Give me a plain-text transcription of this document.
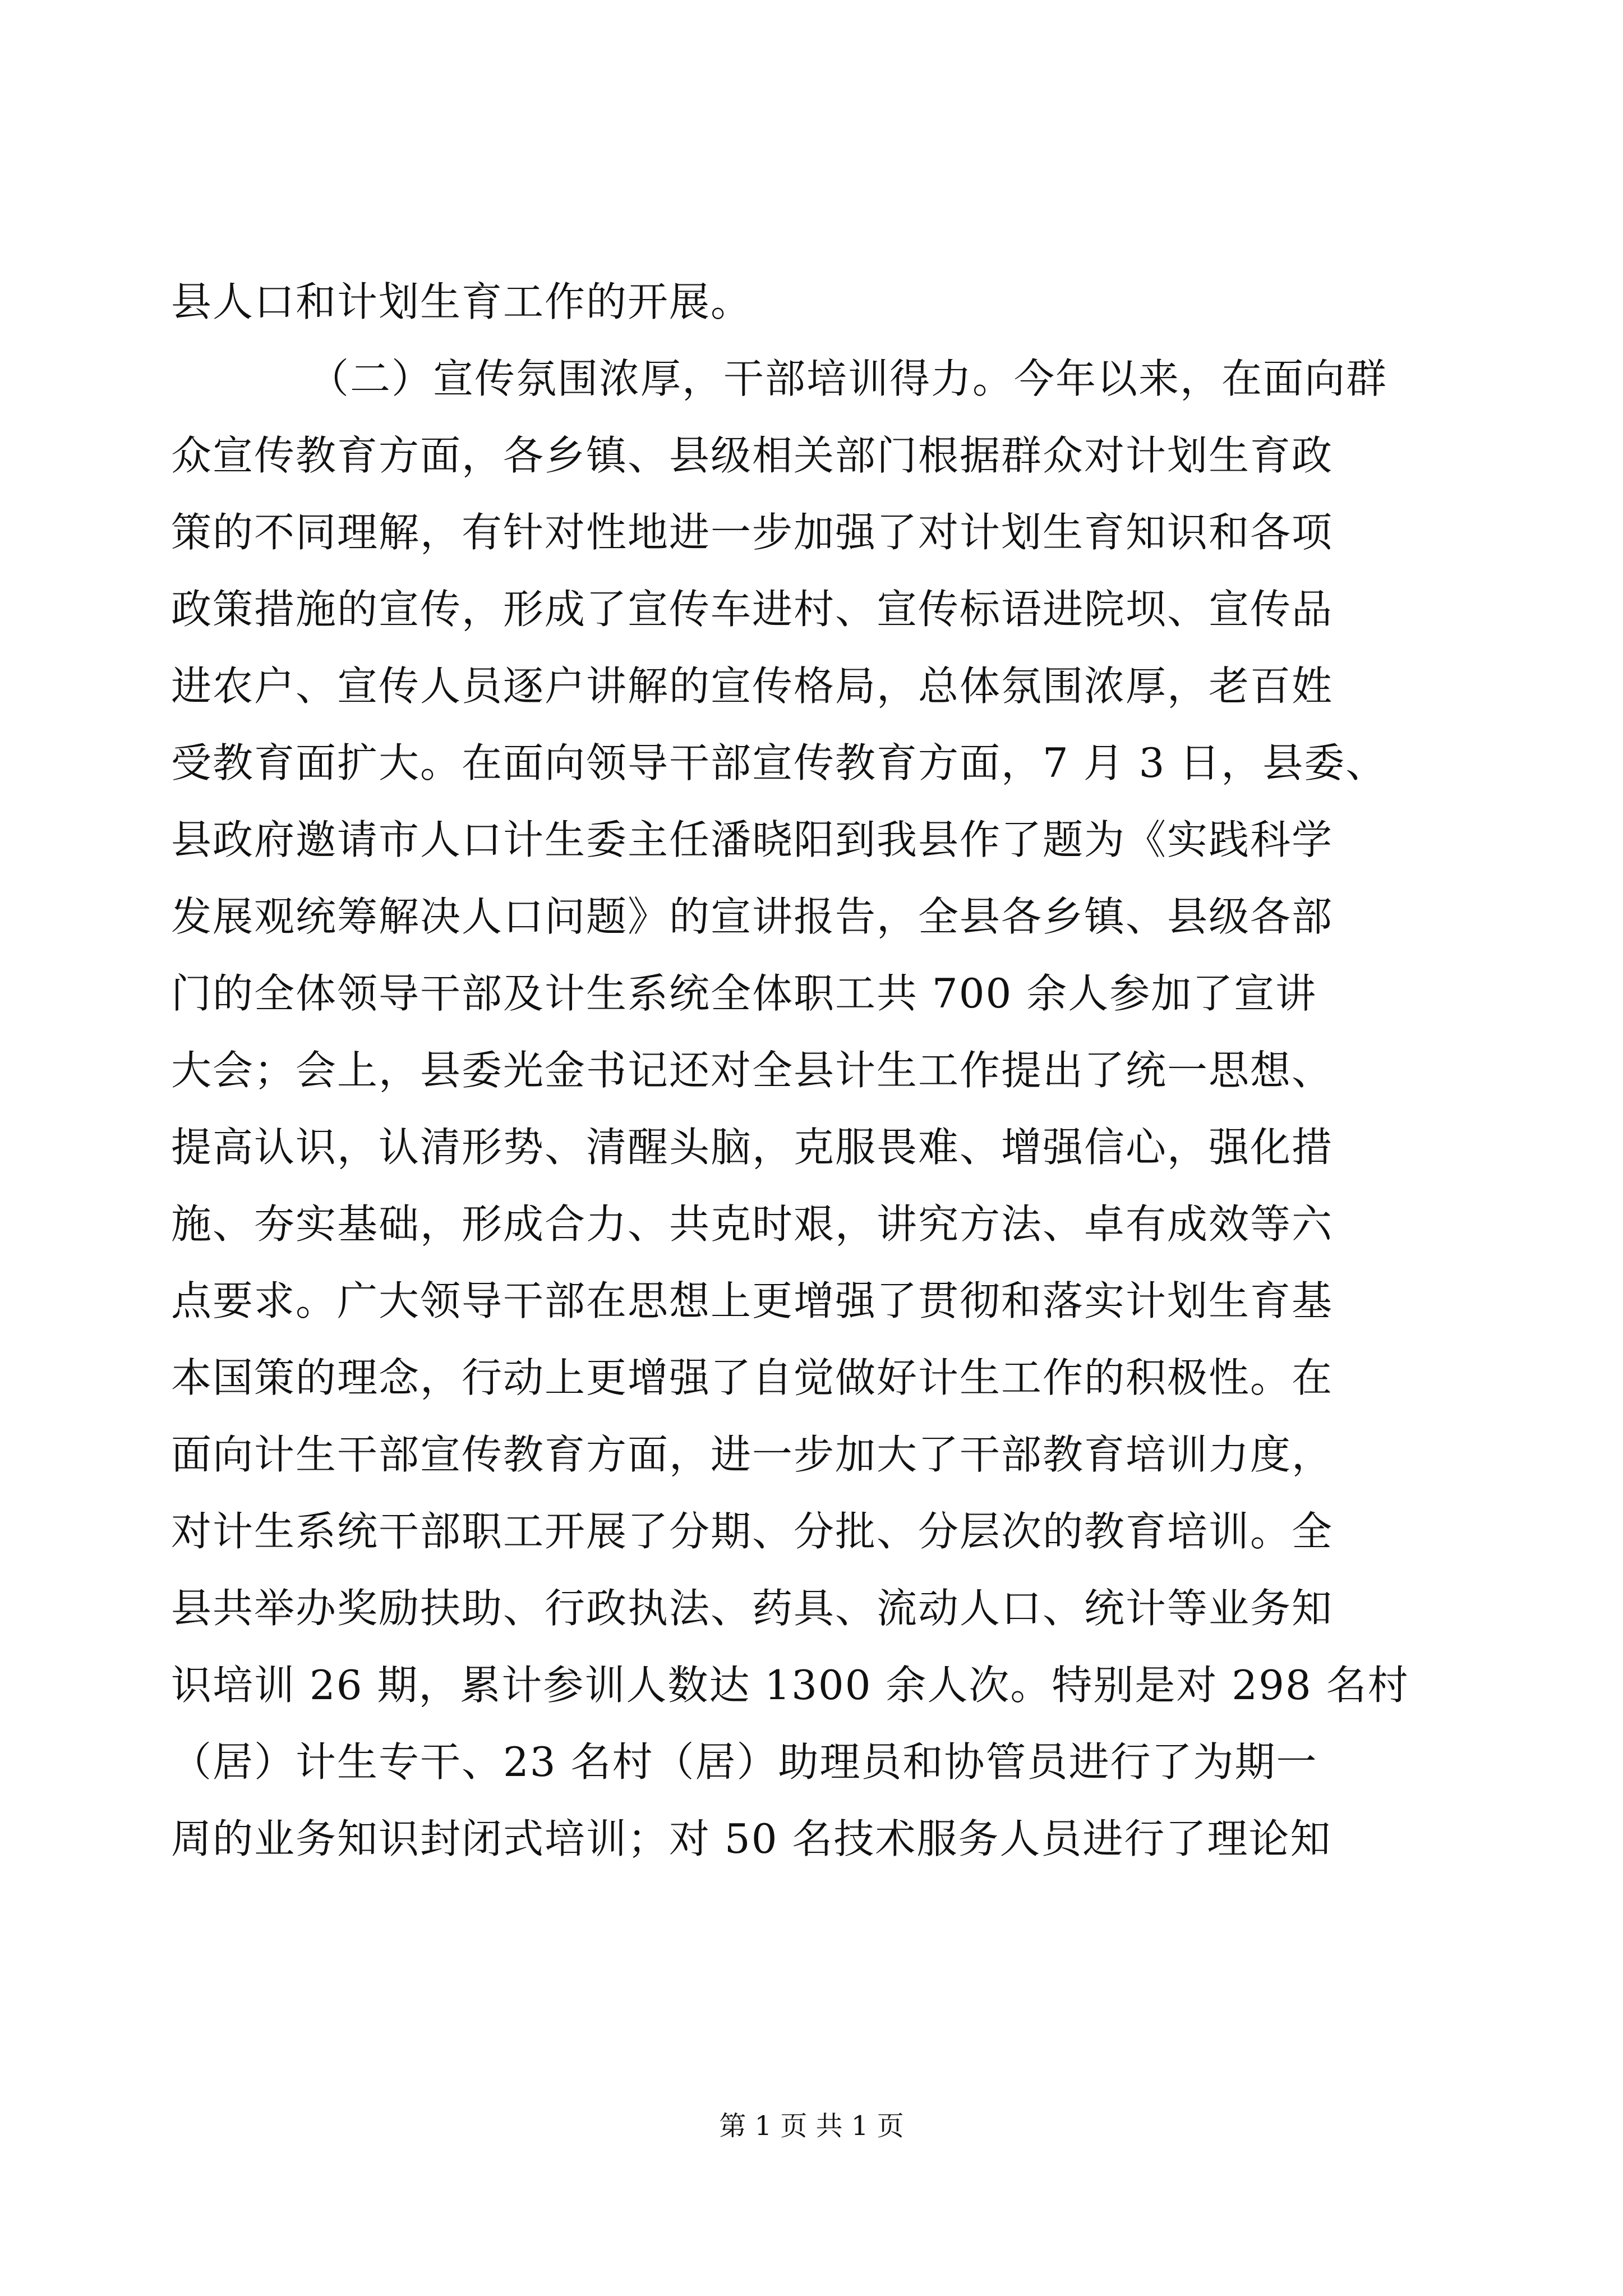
县人口和计划生育工作的开展。
（二）宣传氛围浓厚，干部培训得力。今年以来，在面向群
众宣传教育方面，各乡镇、县级相关部门根据群众对计划生育政
策的不同理解，有针对性地进一步加强了对计划生育知识和各项
政策措施的宣传，形成了宣传车进村、宣传标语进院坝、宣传品
进农户、宣传人员逐户讲解的宣传格局，总体氛围浓厚，老百姓
受教育面扩大。在面向领导干部宣传教育方面，7 月 3 日，县委、
县政府邀请市人口计生委主任潘晓阳到我县作了题为《实践科学
发展观统筹解决人口问题》的宣讲报告，全县各乡镇、县级各部
门的全体领导干部及计生系统全体职工共 700 余人参加了宣讲
大会；会上，县委光金书记还对全县计生工作提出了统一思想、
提高认识，认清形势、清醒头脑，克服畏难、增强信心，强化措
施、夯实基础，形成合力、共克时艰，讲究方法、卓有成效等六
点要求。广大领导干部在思想上更增强了贯彻和落实计划生育基
本国策的理念，行动上更增强了自觉做好计生工作的积极性。在
面向计生干部宣传教育方面，进一步加大了干部教育培训力度，
对计生系统干部职工开展了分期、分批、分层次的教育培训。全
县共举办奖励扶助、行政执法、药具、流动人口、统计等业务知
识培训 26 期，累计参训人数达 1300 余人次。特别是对 298 名村
（居）计生专干、23 名村（居）助理员和协管员进行了为期一
周的业务知识封闭式培训；对 50 名技术服务人员进行了理论知
第 1 页 共 1 页
